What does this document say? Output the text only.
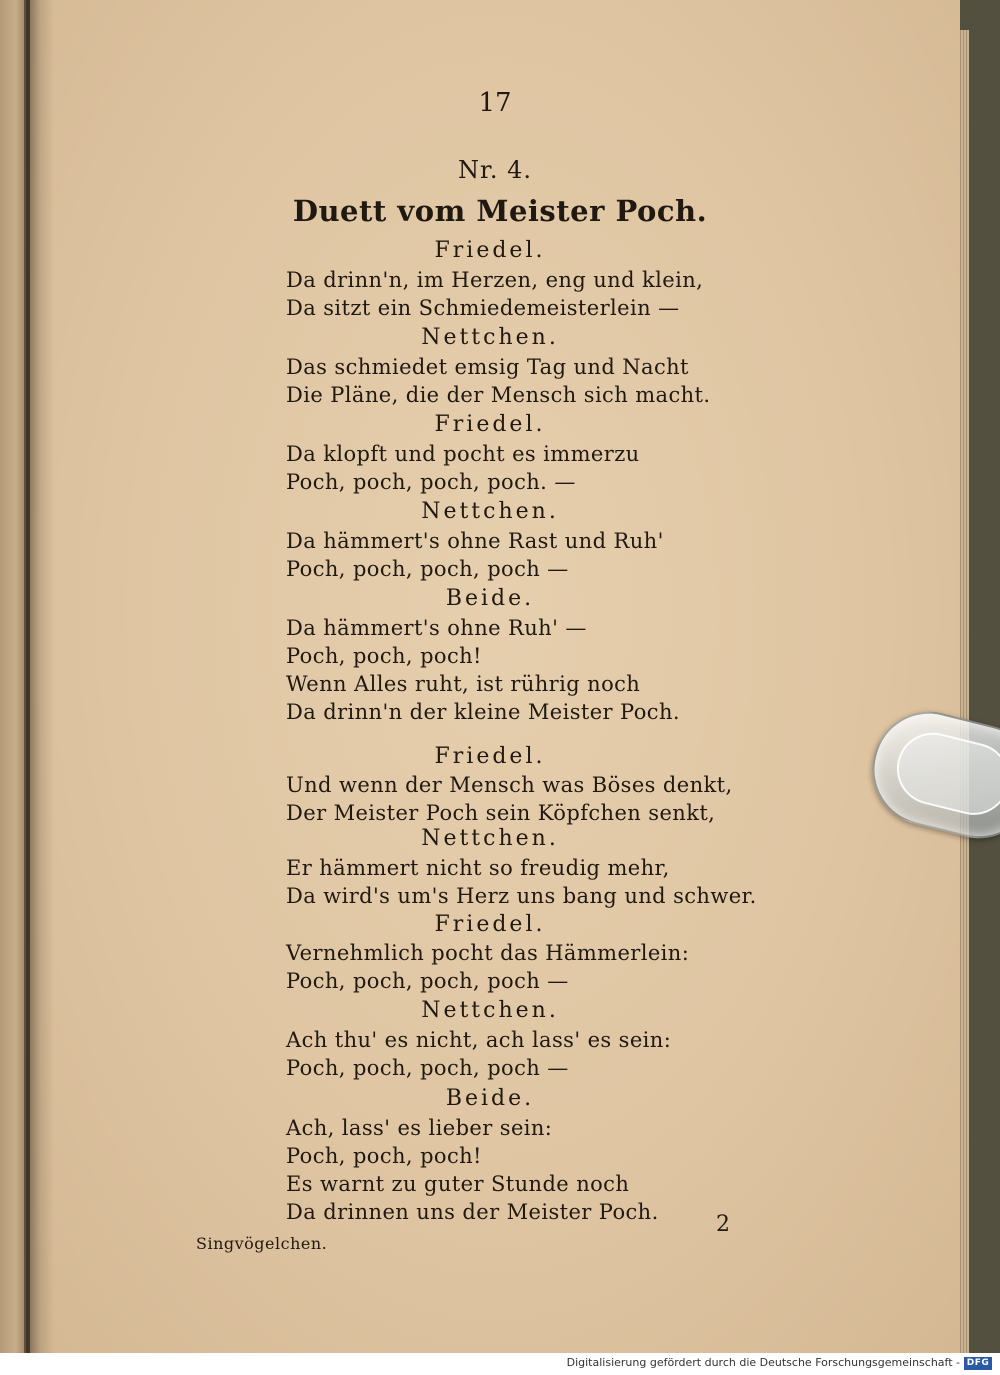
17

Nr. 4.

Duett vom Meister Poch.

Friedel.

Da drinn'n, im Herzen, eng und klein,

Da sitzt ein Schmiedemeisterlein —

Nettchen.

Das schmiedet emsig Tag und Nacht

Die Pläne, die der Mensch sich macht.

Friedel.

Da klopft und pocht es immerzu

Poch, poch, poch, poch. —

Nettchen.

Da hämmert's ohne Rast und Ruh'

Poch, poch, poch, poch —

Beide.

Da hämmert's ohne Ruh' —

Poch, poch, poch!

Wenn Alles ruht, ist rührig noch

Da drinn'n der kleine Meister Poch.

Friedel.

Und wenn der Mensch was Böses denkt,

Der Meister Poch sein Köpfchen senkt,

Nettchen.

Er hämmert nicht so freudig mehr,

Da wird's um's Herz uns bang und schwer.

Friedel.

Vernehmlich pocht das Hämmerlein:

Poch, poch, poch, poch —

Nettchen.

Ach thu' es nicht, ach lass' es sein:

Poch, poch, poch, poch —

Beide.

Ach, lass' es lieber sein:

Poch, poch, poch!

Es warnt zu guter Stunde noch

Da drinnen uns der Meister Poch.

Singvögelchen.

2

Digitalisierung gefördert durch die Deutsche Forschungsgemeinschaft - DFG
